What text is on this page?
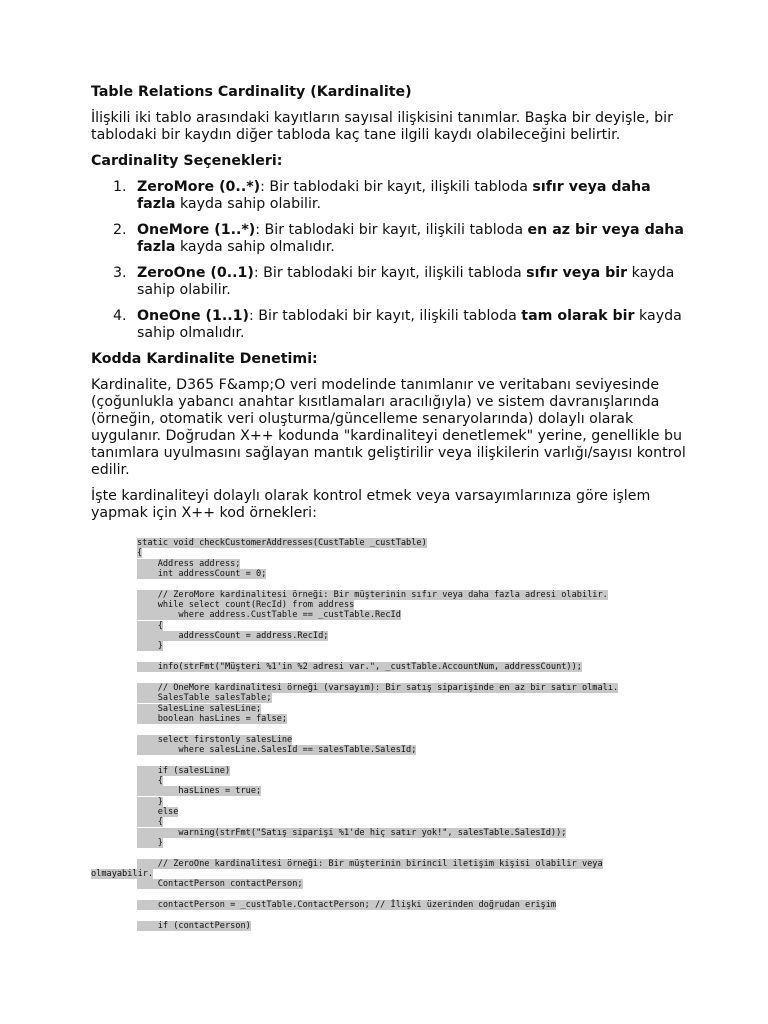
Table Relations Cardinality (Kardinalite)

İlişkili iki tablo arasındaki kayıtların sayısal ilişkisini tanımlar. Başka bir deyişle, bir tablodaki bir kaydın diğer tabloda kaç tane ilgili kaydı olabileceğini belirtir.

Cardinality Seçenekleri:
1. ZeroMore (0..*): Bir tablodaki bir kayıt, ilişkili tabloda sıfır veya daha fazla kayda sahip olabilir.
2. OneMore (1..*): Bir tablodaki bir kayıt, ilişkili tabloda en az bir veya daha fazla kayda sahip olmalıdır.
3. ZeroOne (0..1): Bir tablodaki bir kayıt, ilişkili tabloda sıfır veya bir kayda sahip olabilir.
4. OneOne (1..1): Bir tablodaki bir kayıt, ilişkili tabloda tam olarak bir kayda sahip olmalıdır.
Kodda Kardinalite Denetimi:

Kardinalite, D365 F&amp;O veri modelinde tanımlanır ve veritabanı seviyesinde (çoğunlukla yabancı anahtar kısıtlamaları aracılığıyla) ve sistem davranışlarında (örneğin, otomatik veri oluşturma/güncelleme senaryolarında) dolaylı olarak uygulanır. Doğrudan X++ kodunda "kardinaliteyi denetlemek" yerine, genellikle bu tanımlara uyulmasını sağlayan mantık geliştirilir veya ilişkilerin varlığı/sayısı kontrol edilir.

İşte kardinaliteyi dolaylı olarak kontrol etmek veya varsayımlarınıza göre işlem yapmak için X++ kod örnekleri:

static void checkCustomerAddresses(CustTable _custTable)
{
Address address;
int addressCount = 0;
// ZeroMore kardinalitesi örneği: Bir müşterinin sıfır veya daha fazla adresi olabilir.
while select count(RecId) from address
where address.CustTable == _custTable.RecId
{
addressCount = address.RecId;
}
info(strFmt("Müşteri %1'in %2 adresi var.", _custTable.AccountNum, addressCount));
// OneMore kardinalitesi örneği (varsayım): Bir satış siparişinde en az bir satır olmalı.
SalesTable salesTable;
SalesLine salesLine;
boolean hasLines = false;
select firstonly salesLine
where salesLine.SalesId == salesTable.SalesId;
if (salesLine)
{
hasLines = true;
}
else
{
warning(strFmt("Satış siparişi %1'de hiç satır yok!", salesTable.SalesId));
}
// ZeroOne kardinalitesi örneği: Bir müşterinin birincil iletişim kişisi olabilir veya
olmayabilir.
ContactPerson contactPerson;
contactPerson = _custTable.ContactPerson; // İlişki üzerinden doğrudan erişim
if (contactPerson)
